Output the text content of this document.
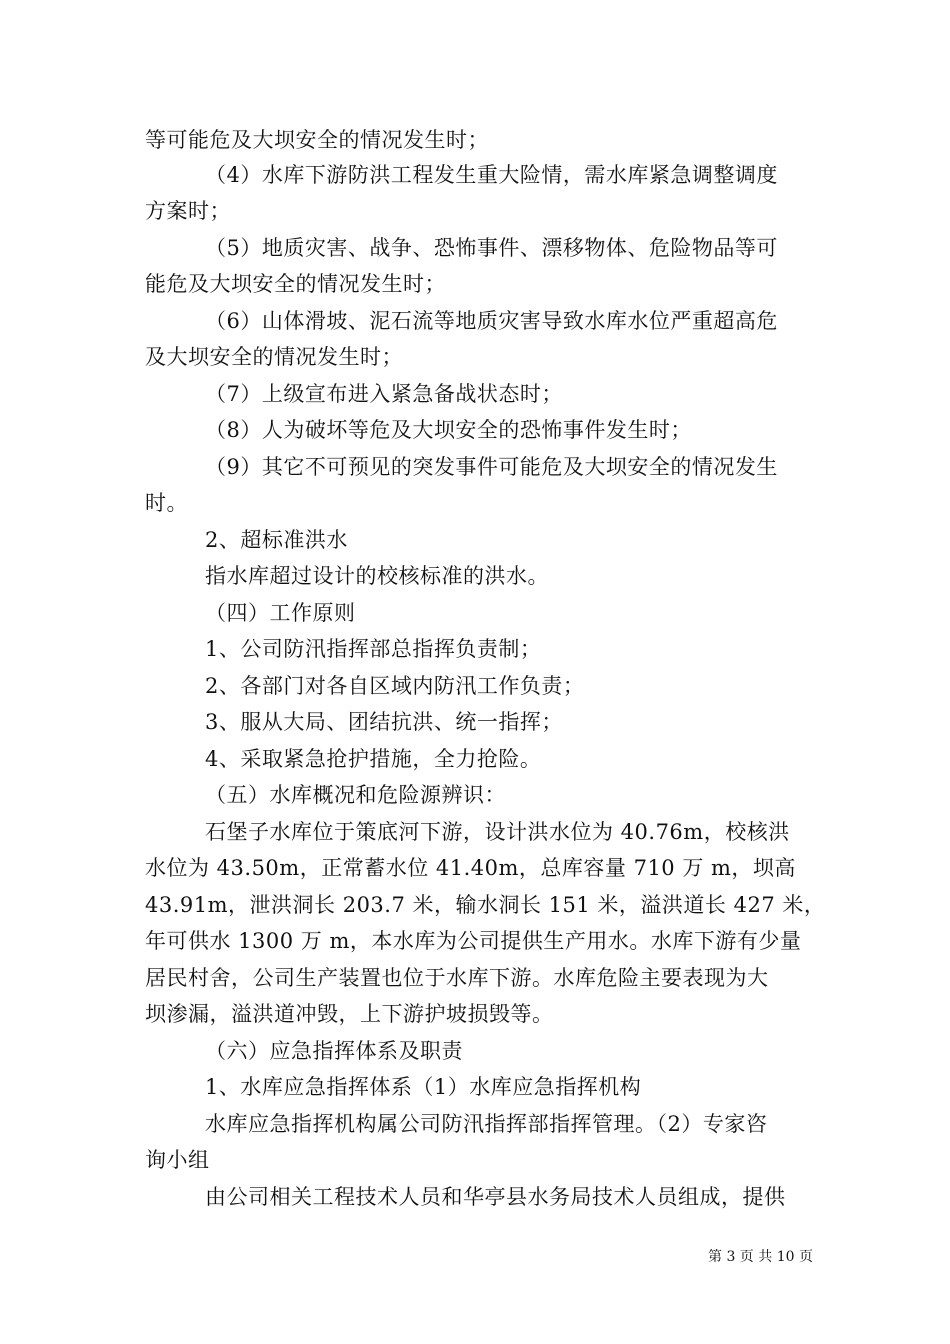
等可能危及大坝安全的情况发生时；
（4）水库下游防洪工程发生重大险情，需水库紧急调整调度
方案时；
（5）地质灾害、战争、恐怖事件、漂移物体、危险物品等可
能危及大坝安全的情况发生时；
（6）山体滑坡、泥石流等地质灾害导致水库水位严重超高危
及大坝安全的情况发生时；
（7）上级宣布进入紧急备战状态时；
（8）人为破坏等危及大坝安全的恐怖事件发生时；
（9）其它不可预见的突发事件可能危及大坝安全的情况发生
时。
2、超标准洪水
指水库超过设计的校核标准的洪水。
（四）工作原则
1、公司防汛指挥部总指挥负责制；
2、各部门对各自区域内防汛工作负责；
3、服从大局、团结抗洪、统一指挥；
4、采取紧急抢护措施，全力抢险。
（五）水库概况和危险源辨识：
石堡子水库位于策底河下游，设计洪水位为 40.76m，校核洪
水位为 43.50m，正常蓄水位 41.40m，总库容量 710 万 m，坝高
43.91m，泄洪洞长 203.7 米，输水洞长 151 米，溢洪道长 427 米，
年可供水 1300 万 m，本水库为公司提供生产用水。水库下游有少量
居民村舍，公司生产装置也位于水库下游。水库危险主要表现为大
坝渗漏，溢洪道冲毁，上下游护坡损毁等。
（六）应急指挥体系及职责
1、水库应急指挥体系（1）水库应急指挥机构
水库应急指挥机构属公司防汛指挥部指挥管理。（2）专家咨
询小组
由公司相关工程技术人员和华亭县水务局技术人员组成，提供
第 3 页 共 10 页
